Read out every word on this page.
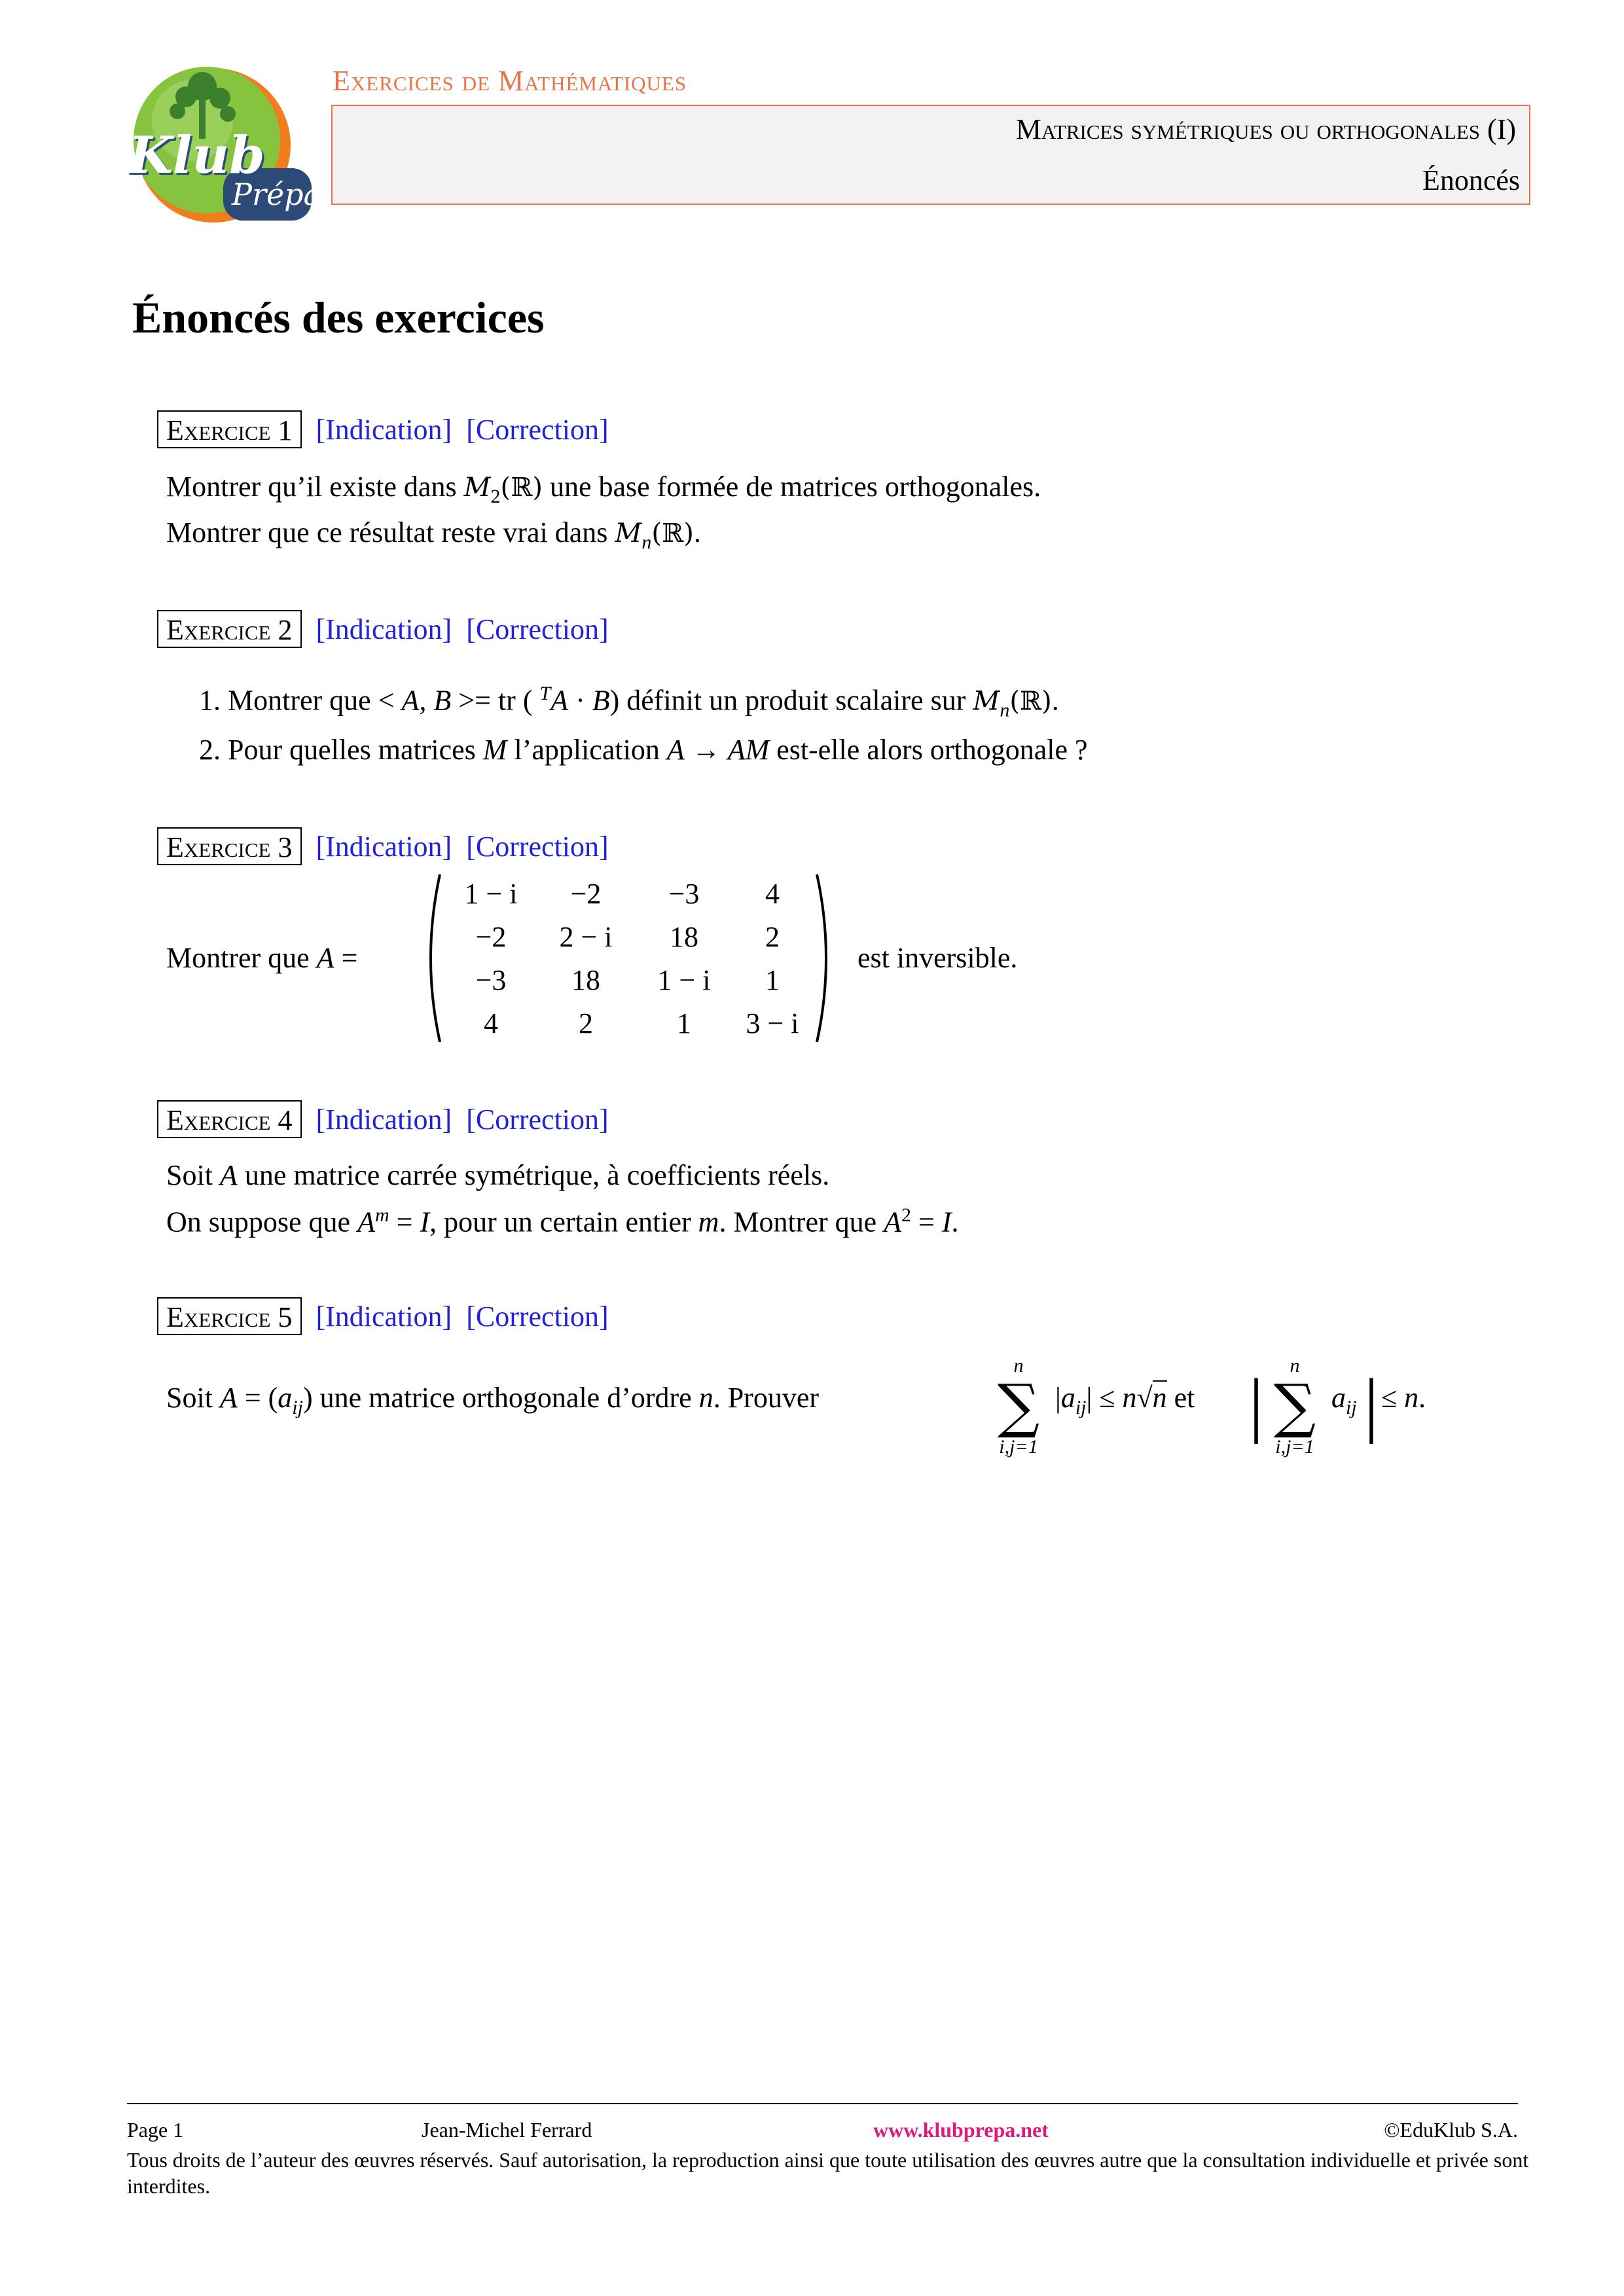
Klub
Prépa
Exercices de Mathématiques
Matrices symétriques ou orthogonales (I)
Énoncés
Énoncés des exercices
Exercice 1 [Indication] [Correction]
Montrer qu’il existe dans $M_2(ℝ)$ une base formée de matrices orthogonales.
Montrer que ce résultat reste vrai dans $M_n(ℝ)$.
Exercice 2 [Indication] [Correction]
1. Montrer que < A, B >= tr ( $^T$A · B) définit un produit scalaire sur $M_n(ℝ)$.
2. Pour quelles matrices M l’application A → AM est-elle alors orthogonale ?
Exercice 3 [Indication] [Correction]
Montrer que A =
1 − i	−2	−3	4
−2	2 − i	18	2
−3	18	1 − i	1
4	2	1	3 − i
est inversible.
Exercice 4 [Indication] [Correction]
Soit A une matrice carrée symétrique, à coefficients réels.
On suppose que $A^m = I$, pour un certain entier m. Montrer que $A^2 = I$.
Exercice 5 [Indication] [Correction]
Soit $A = (a_{ij})$ une matrice orthogonale d’ordre n. Prouver
n
∑
i,j=1
$|a_{ij}| \le n√n$ et |	n
∑
i,j=1
$a_{ij}$ | ≤ n.
Page 1	Jean-Michel Ferrard	www.klubprepa.net	©EduKlub S.A.
Tous droits de l’auteur des œuvres réservés. Sauf autorisation, la reproduction ainsi que toute utilisation des œuvres autre que la consultation individuelle et privée sont interdites.
